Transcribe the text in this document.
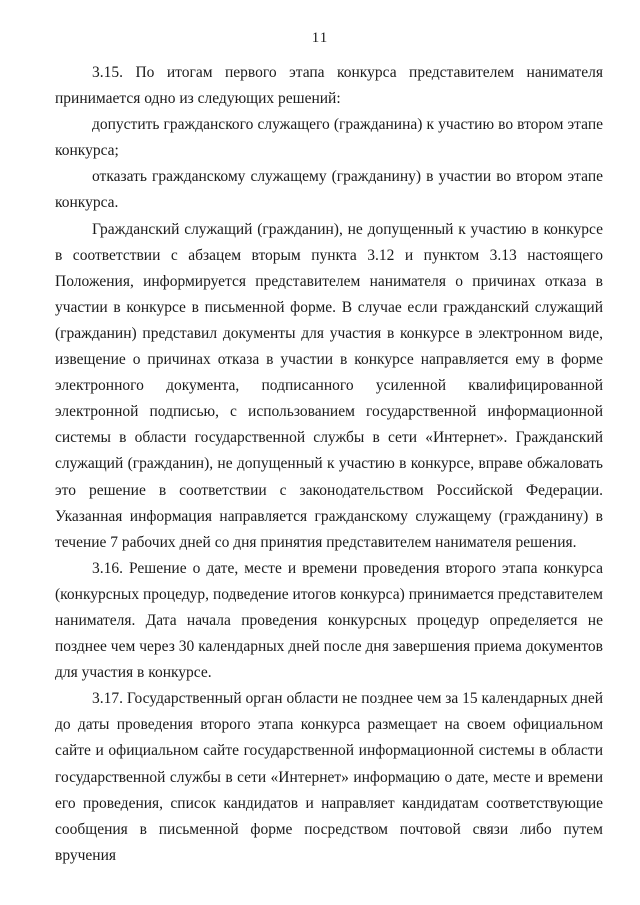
11

3.15. По итогам первого этапа конкурса представителем нанимателя принимается одно из следующих решений:

допустить гражданского служащего (гражданина) к участию во втором этапе конкурса;

отказать гражданскому служащему (гражданину) в участии во втором этапе конкурса.

Гражданский служащий (гражданин), не допущенный к участию в конкурсе в соответствии с абзацем вторым пункта 3.12 и пунктом 3.13 настоящего Положения, информируется представителем нанимателя о причинах отказа в участии в конкурсе в письменной форме. В случае если гражданский служащий (гражданин) представил документы для участия в конкурсе в электронном виде, извещение о причинах отказа в участии в конкурсе направляется ему в форме электронного документа, подписанного усиленной квалифицированной электронной подписью, с использованием государственной информационной системы в области государственной службы в сети «Интернет». Гражданский служащий (гражданин), не допущенный к участию в конкурсе, вправе обжаловать это решение в соответствии с законодательством Российской Федерации. Указанная информация направляется гражданскому служащему (гражданину) в течение 7 рабочих дней со дня принятия представителем нанимателя решения.

3.16. Решение о дате, месте и времени проведения второго этапа конкурса (конкурсных процедур, подведение итогов конкурса) принимается представителем нанимателя. Дата начала проведения конкурсных процедур определяется не позднее чем через 30 календарных дней после дня завершения приема документов для участия в конкурсе.

3.17. Государственный орган области не позднее чем за 15 календарных дней до даты проведения второго этапа конкурса размещает на своем официальном сайте и официальном сайте государственной информационной системы в области государственной службы в сети «Интернет» информацию о дате, месте и времени его проведения, список кандидатов и направляет кандидатам соответствующие сообщения в письменной форме посредством почтовой связи либо путем вручения
